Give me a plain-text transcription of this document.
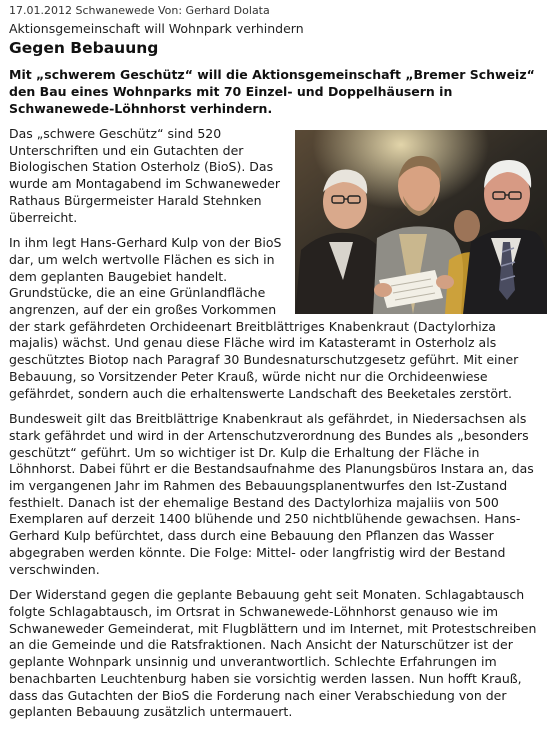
17.01.2012 Schwanewede Von: Gerhard Dolata
Aktionsgemeinschaft will Wohnpark verhindern
Gegen Bebauung

Mit „schwerem Geschütz“ will die Aktionsgemeinschaft „Bremer Schweiz“ den Bau eines Wohnparks mit 70 Einzel- und Doppelhäusern in Schwanewede-Löhnhorst verhindern.

Das „schwere Geschütz“ sind 520 Unterschriften und ein Gutachten der Biologischen Station Osterholz (BioS). Das wurde am Montagabend im Schwaneweder Rathaus Bürgermeister Harald Stehnken überreicht.

In ihm legt Hans-Gerhard Kulp von der BioS dar, um welch wertvolle Flächen es sich in dem geplanten Baugebiet handelt. Grundstücke, die an eine Grünlandfläche angrenzen, auf der ein großes Vorkommen der stark gefährdeten Orchideenart Breitblättriges Knabenkraut (Dactylorhiza majalis) wächst. Und genau diese Fläche wird im Katasteramt in Osterholz als geschütztes Biotop nach Paragraf 30 Bundesnaturschutzgesetz geführt. Mit einer Bebauung, so Vorsitzender Peter Krauß, würde nicht nur die Orchideenwiese gefährdet, sondern auch die erhaltenswerte Landschaft des Beeketales zerstört.

Bundesweit gilt das Breitblättrige Knabenkraut als gefährdet, in Niedersachsen als stark gefährdet und wird in der Artenschutzverordnung des Bundes als „besonders geschützt“ geführt. Um so wichtiger ist Dr. Kulp die Erhaltung der Fläche in Löhnhorst. Dabei führt er die Bestandsaufnahme des Planungsbüros Instara an, das im vergangenen Jahr im Rahmen des Bebauungsplanentwurfes den Ist-Zustand festhielt. Danach ist der ehemalige Bestand des Dactylorhiza majaliis von 500 Exemplaren auf derzeit 1400 blühende und 250 nichtblühende gewachsen. Hans-Gerhard Kulp befürchtet, dass durch eine Bebauung den Pflanzen das Wasser abgegraben werden könnte. Die Folge: Mittel- oder langfristig wird der Bestand verschwinden.

Der Widerstand gegen die geplante Bebauung geht seit Monaten. Schlagabtausch folgte Schlagabtausch, im Ortsrat in Schwanewede-Löhnhorst genauso wie im Schwaneweder Gemeinderat, mit Flugblättern und im Internet, mit Protestschreiben an die Gemeinde und die Ratsfraktionen. Nach Ansicht der Naturschützer ist der geplante Wohnpark unsinnig und unverantwortlich. Schlechte Erfahrungen im benachbarten Leuchtenburg haben sie vorsichtig werden lassen. Nun hofft Krauß, dass das Gutachten der BioS die Forderung nach einer Verabschiedung von der geplanten Bebauung zusätzlich untermauert.
